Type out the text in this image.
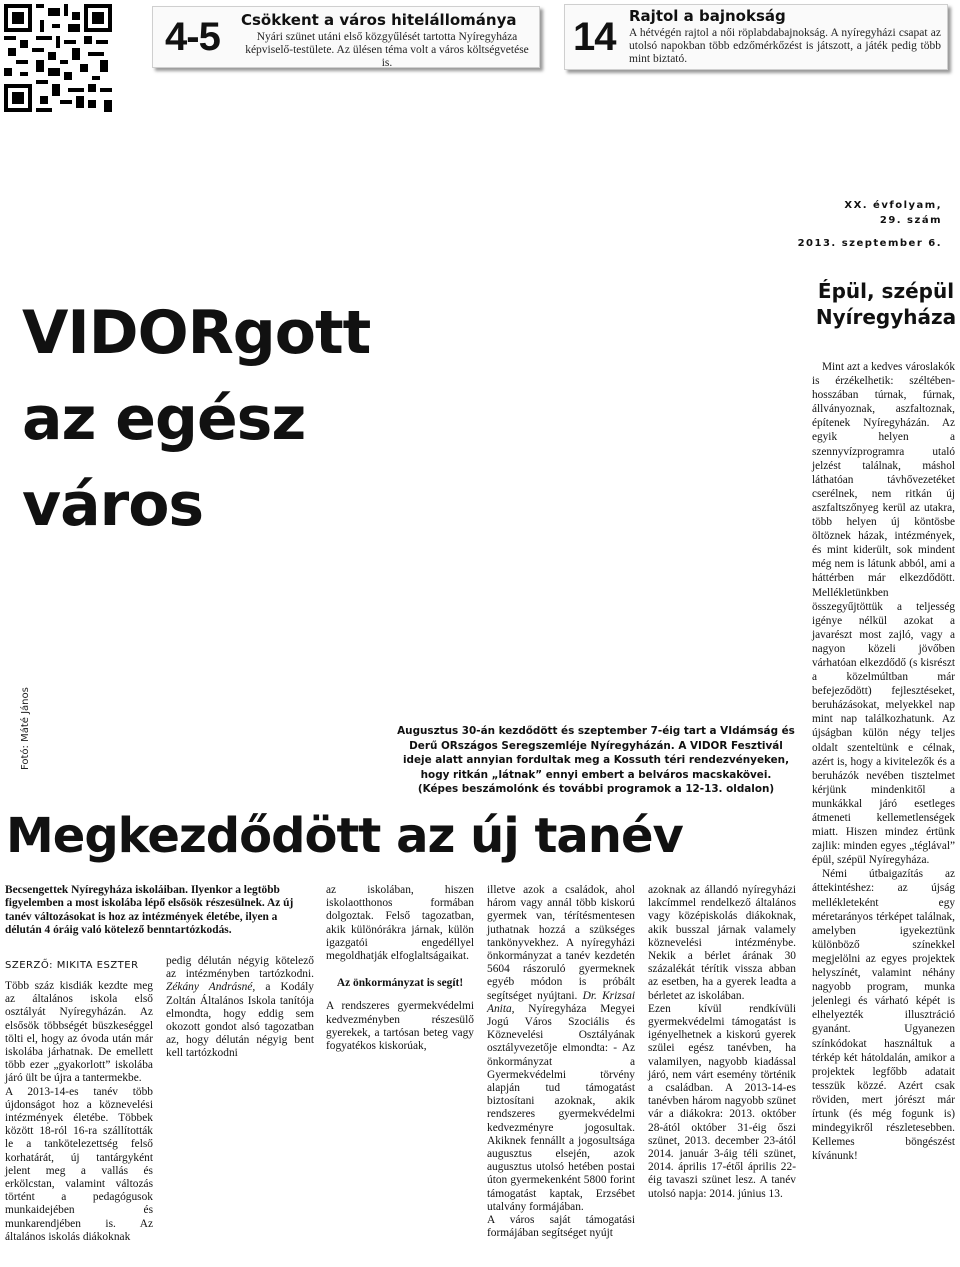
4-5 Csökkent a város hitelállománya
Nyári szünet utáni első közgyűlését tartotta Nyíregyháza képviselő-testülete. Az ülésen téma volt a város költségvetése is.
14 Rajtol a bajnokság
A hétvégén rajtol a női röplabdabajnokság. A nyíregyházi csapat az utolsó napokban több edzőmérkőzést is játszott, a játék pedig több mint biztató.
XX. évfolyam,
29. szám
2013. szeptember 6.
VIDORgott
az egész
város
Fotó: Máté János	Augusztus 30-án kezdődött és szeptember 7-éig tart a VIdámság és Derű ORszágos Seregszemléje Nyíregyházán. A VIDOR Fesztivál ideje alatt annyian fordultak meg a Kossuth téri rendezvényeken, hogy ritkán „látnak” ennyi embert a belváros macskakövei.

(Képes beszámolónk és további programok a 12-13. oldalon)

Megkezdődött az új tanév
Becsengettek Nyíregyháza iskoláiban. Ilyenkor a legtöbb figyelemben a most iskolába lépő elsősök részesülnek. Az új tanév változásokat is hoz az intézmények életébe, ilyen a délután 4 óráig való kötelező benntartózkodás.
SZERZŐ: MIKITA ESZTER

Több száz kisdiák kezdte meg az általános iskola első osztályát Nyíregyházán. Az elsősök többségét büszkeséggel tölti el, hogy az óvoda után már iskolába járhatnak. De emellett több ezer „gyakorlott” iskolába járó ült be újra a tantermekbe.

A 2013-14-es tanév több újdonságot hoz a köznevelési intézmények életébe. Többek között 18-ról 16-ra szállították le a tankötelezettség felső korhatárát, új tantárgyként jelent meg a vallás és erkölcstan, valamint változás történt a pedagógusok munkaidejében és munkarendjében is. Az általános iskolás diákoknak

pedig délután négyig kötelező az intézményben tartózkodni. Zékány Andrásné, a Kodály Zoltán Általános Iskola tanítója elmondta, hogy eddig sem okozott gondot alsó tagozatban az, hogy délután négyig bent kell tartózkodni

az iskolában, hiszen iskolaotthonos formában dolgoztak. Felső tagozatban, akik különórákra járnak, külön igazgatói engedéllyel megoldhatják elfoglaltságaikat.

Az önkormányzat is segít!

A rendszeres gyermekvédelmi kedvezményben részesülő gyerekek, a tartósan beteg vagy fogyatékos kiskorúak,

illetve azok a családok, ahol három vagy annál több kiskorú gyermek van, térítésmentesen juthatnak hozzá a szükséges tankönyvekhez. A nyíregyházi önkormányzat a tanév kezdetén 5604 rászoruló gyermeknek egyéb módon is próbált segítséget nyújtani. Dr. Krizsai Anita, Nyíregyháza Megyei Jogú Város Szociális és Köznevelési Osztályának osztályvezetője elmondta: - Az önkormányzat a Gyermekvédelmi törvény alapján tud támogatást biztosítani azoknak, akik rendszeres gyermekvédelmi kedvezményre jogosultak. Akiknek fennállt a jogosultsága augusztus elsején, azok augusztus utolsó hetében postai úton gyermekenként 5800 forint támogatást kaptak, Erzsébet utalvány formájában.

A város saját támogatási formájában segítséget nyújt

azoknak az állandó nyíregyházi lakcímmel rendelkező általános vagy középiskolás diákoknak, akik busszal járnak valamely köznevelési intézménybe. Nekik a bérlet árának 30 százalékát térítik vissza abban az esetben, ha a gyerek leadta a bérletet az iskolában.

Ezen kívül rendkívüli gyermekvédelmi támogatást is igényelhetnek a kiskorú gyerek szülei egész tanévben, ha valamilyen, nagyobb kiadással járó, nem várt esemény történik a családban. A 2013-14-es tanévben három nagyobb szünet vár a diákokra: 2013. október 28-ától október 31-éig őszi szünet, 2013. december 23-ától 2014. január 3-áig téli szünet, 2014. április 17-étől április 22-éig tavaszi szünet lesz. A tanév utolsó napja: 2014. június 13.

Épül, szépül
Nyíregyháza

Mint azt a kedves városlakók is érzékelhetik: széltében-hosszában túrnak, fúrnak, állványoznak, aszfaltoznak, építenek Nyíregyházán. Az egyik helyen a szennyvízprogramra utaló jelzést találnak, máshol láthatóan távhővezetéket cserélnek, nem ritkán új aszfaltszőnyeg kerül az utakra, több helyen új köntösbe öltöznek házak, intézmények, és mint kiderült, sok mindent még nem is látunk abból, ami a háttérben már elkezdődött. Mellékletünkben összegyűjtöttük a teljesség igénye nélkül azokat a javarészt most zajló, vagy a nagyon közeli jövőben várhatóan elkezdődő (s kisrészt a közelmúltban már befejeződött) fejlesztéseket, beruházásokat, melyekkel nap mint nap találkozhatunk. Az újságban külön négy teljes oldalt szenteltünk e célnak, azért is, hogy a kivitelezők és a beruházók nevében tisztelmet kérjünk mindenkitől a munkákkal járó esetleges átmeneti kellemetlenségek miatt. Hiszen mindez értünk zajlik: minden egyes „téglával” épül, szépül Nyíregyháza.

Némi útbaigazítás az áttekintéshez: az újság mellékleteként egy méretarányos térképet találnak, amelyben igyekeztünk különböző színekkel megjelölni az egyes projektek helyszínét, valamint néhány nagyobb program, munka jelenlegi és várható képét is elhelyezték illusztráció gyanánt. Ugyanezen színkódokat használtuk a térkép két hátoldalán, amikor a projektek legfőbb adatait tesszük közzé. Azért csak röviden, mert jórészt már írtunk (és még fogunk is) mindegyikről részletesebben. Kellemes böngészést kívánunk!
